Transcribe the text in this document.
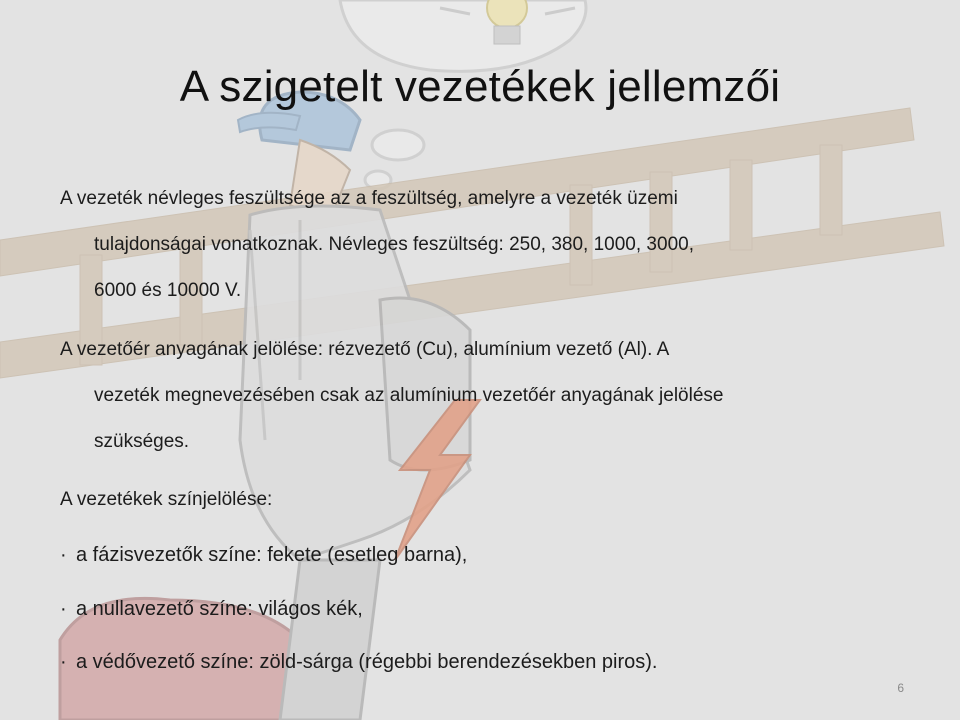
A szigetelt vezetékek jellemzői
A vezeték névleges feszültsége az a feszültség, amelyre a vezeték üzemi
tulajdonságai vonatkoznak. Névleges feszültség: 250, 380, 1000, 3000,
6000 és 10000 V.
A vezetőér anyagának jelölése: rézvezető (Cu), alumínium vezető (Al). A
vezeték megnevezésében csak az alumínium vezetőér anyagának jelölése
szükséges.

A vezetékek színjelölése:

· a fázisvezetők színe: fekete (esetleg barna),

· a nullavezető színe: világos kék,

· a védővezető színe: zöld-sárga (régebbi berendezésekben piros).

6
